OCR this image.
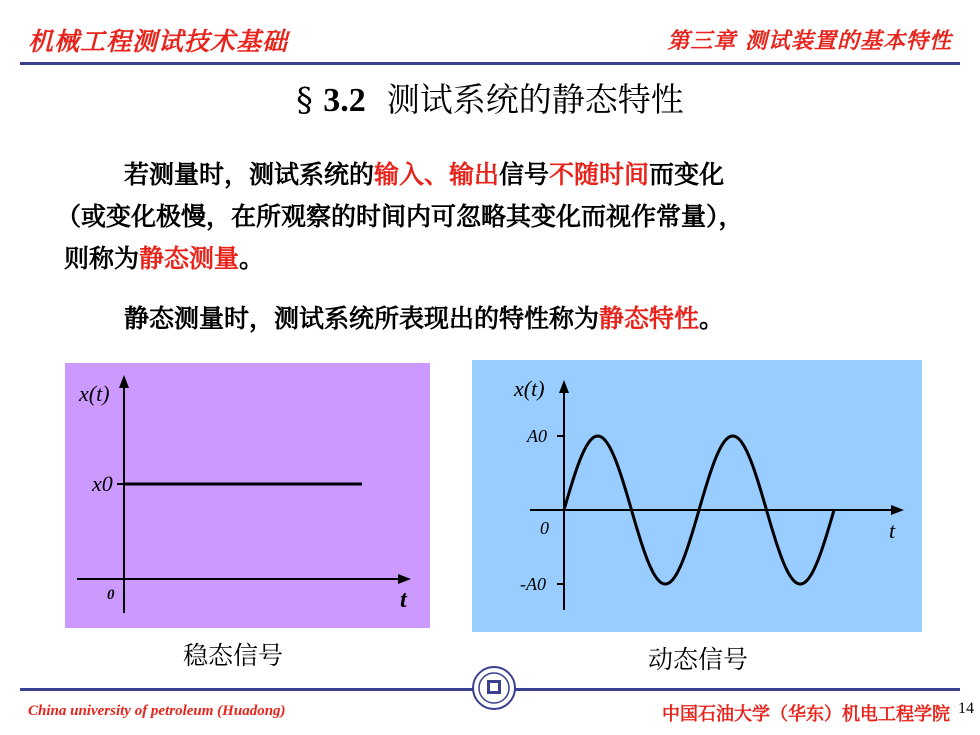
机械工程测试技术基础	第三章 测试装置的基本特性
§ 3.2 测试系统的静态特性
若测量时，测试系统的输入、输出信号不随时间而变化
（或变化极慢，在所观察的时间内可忽略其变化而视作常量），
则称为静态测量。
静态测量时，测试系统所表现出的特性称为静态特性。
x(t)
x0
0	t
稳态信号
x(t)
A0
0
-A0
t
动态信号
China university of petroleum (Huadong)	中国石油大学（华东）机电工程学院 14
